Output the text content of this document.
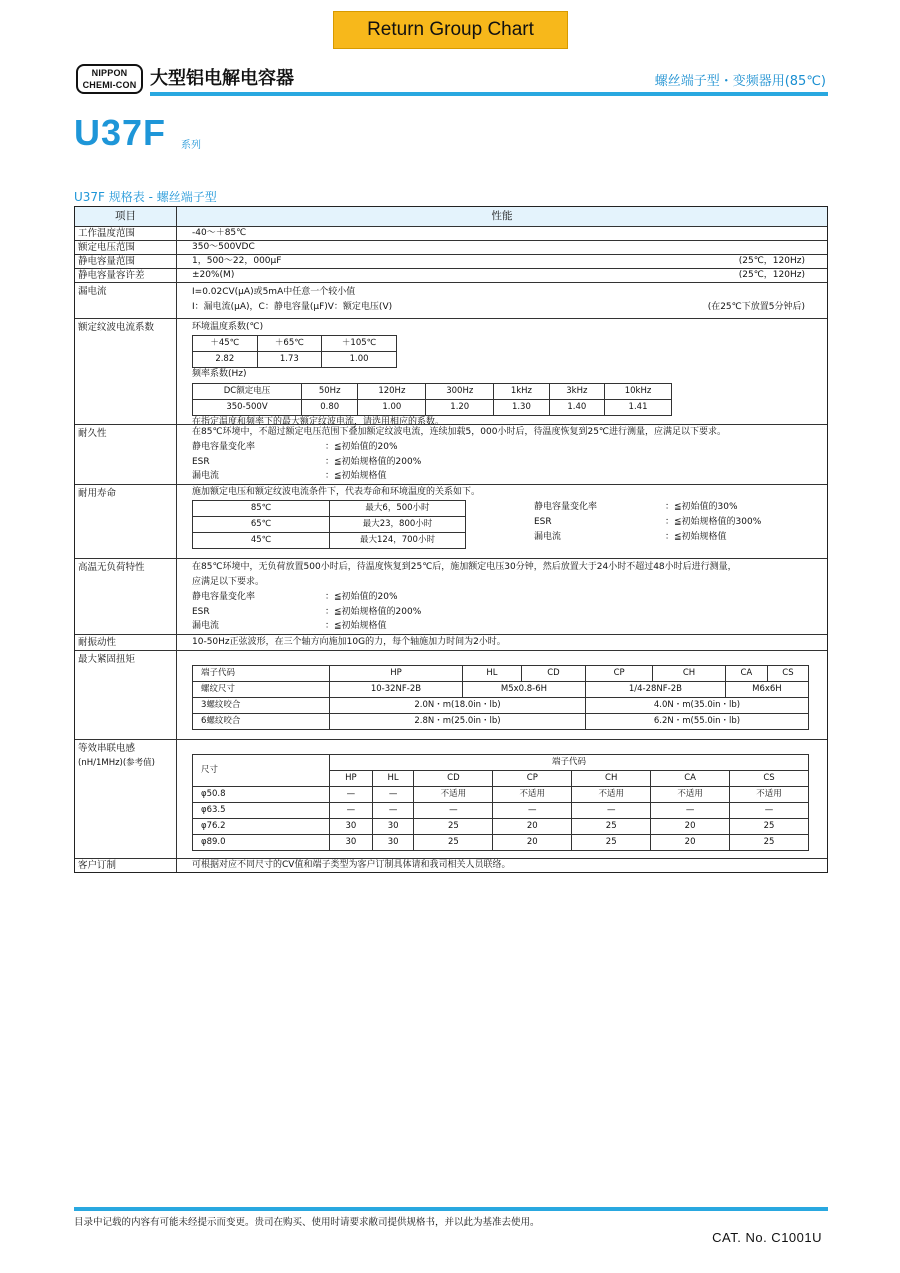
Return Group Chart
NIPPON
CHEMI-CON 大型铝电解电容器	螺丝端子型・变频器用(85℃)
U37F 系列
U37F 规格表 - 螺丝端子型
项目	性能
工作温度范围	-40～＋85℃
额定电压范围	350～500VDC
静电容量范围	1，500～22，000μF	(25℃，120Hz)
静电容量容许差	±20%(M)	(25℃，120Hz)
漏电流	I=0.02CV(μA)或5mA中任意一个较小值
I：漏电流(μA)，C：静电容量(μF)V：额定电压(V)	(在25℃下放置5分钟后)
额定纹波电流系数	环境温度系数(℃)
＋45℃	＋65℃	＋105℃
2.82	1.73	1.00
频率系数(Hz)
DC额定电压	50Hz	120Hz	300Hz	1kHz	3kHz	10kHz
350-500V	0.80	1.00	1.20	1.30	1.40	1.41
在指定温度和频率下的最大额定纹波电流，请选用相应的系数。
耐久性	在85℃环境中，不超过额定电压范围下叠加额定纹波电流，连续加载5，000小时后，待温度恢复到25℃进行测量，应满足以下要求。
静电容量变化率	：≦初始值的20%
ESR	：≦初始规格值的200%
漏电流	：≦初始规格值
耐用寿命	施加额定电压和额定纹波电流条件下，代表寿命和环境温度的关系如下。
85℃	最大6，500小时
65℃	最大23，800小时
45℃	最大124，700小时
静电容量变化率	：≦初始值的30%
ESR	：≦初始规格值的300%
漏电流	：≦初始规格值
高温无负荷特性	在85℃环境中，无负荷放置500小时后，待温度恢复到25℃后，施加额定电压30分钟，然后放置大于24小时不超过48小时后进行测量，
应满足以下要求。
静电容量变化率	：≦初始值的20%
ESR	：≦初始规格值的200%
漏电流	：≦初始规格值
耐振动性	10-50Hz正弦波形，在三个轴方向施加10G的力，每个轴施加力时间为2小时。
最大紧固扭矩
端子代码	HP	HL	CD	CP	CH	CA	CS
螺纹尺寸	10-32NF-2B	M5x0.8-6H		1/4-28NF-2B		M6x6H	
3螺纹咬合	2.0N・m(18.0in・lb)			4.0N・m(35.0in・lb)			
6螺纹咬合	2.8N・m(25.0in・lb)			6.2N・m(55.0in・lb)			
等效串联电感
(nH/1MHz)(参考值)
尺寸	端子代码						
	HP	HL	CD	CP	CH	CA	CS
φ50.8	—	—	不适用	不适用	不适用	不适用	不适用
φ63.5	—	—	—	—	—	—	—
φ76.2	30	30	25	20	25	20	25
φ89.0	30	30	25	20	25	20	25
客户订制	可根据对应不同尺寸的CV值和端子类型为客户订制具体请和我司相关人员联络。
目录中记载的内容有可能未经提示而变更。贵司在购买、使用时请要求敝司提供规格书，并以此为基准去使用。
CAT. No. C1001U
